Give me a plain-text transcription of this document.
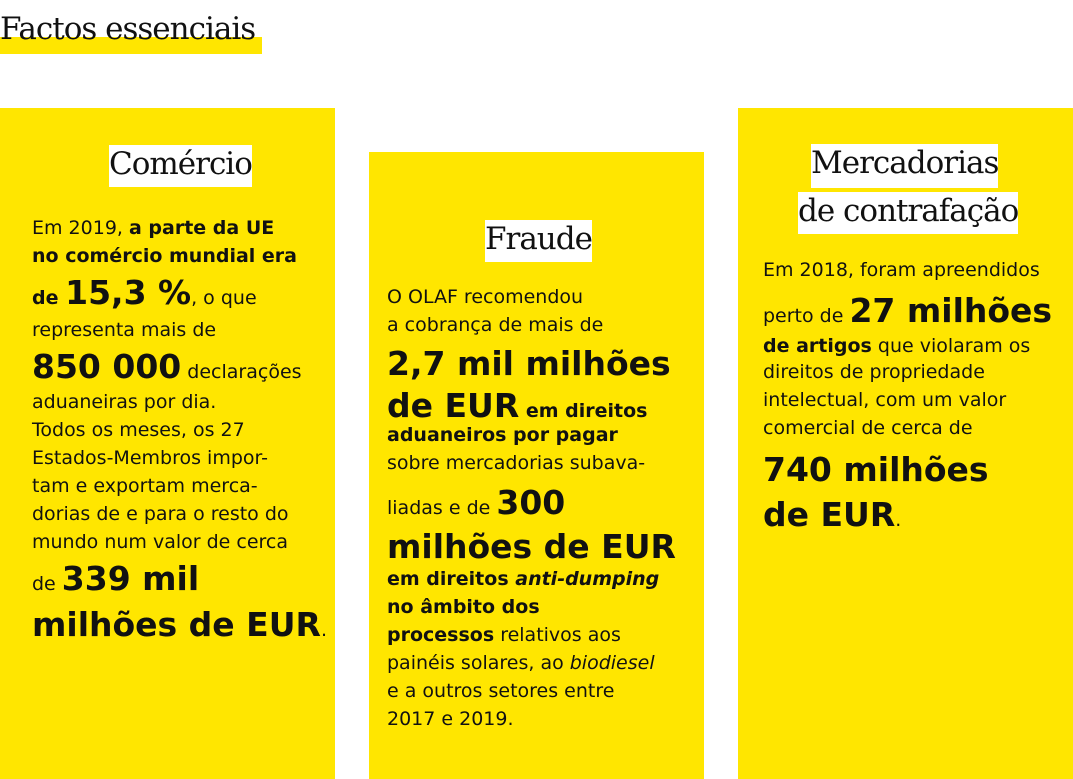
Factos essenciais
Comércio
Em 2019, a parte da UE
no comércio mundial era
de 15,3 %, o que
representa mais de
850 000 declarações
aduaneiras por dia.
Todos os meses, os 27
Estados-Membros impor-
tam e exportam merca-
dorias de e para o resto do
mundo num valor de cerca
de 339 mil
milhões de EUR.
Fraude
O OLAF recomendou
a cobrança de mais de
2,7 mil milhões
de EUR em direitos
aduaneiros por pagar
sobre mercadorias subava-
liadas e de 300
milhões de EUR
em direitos anti-dumping
no âmbito dos
processos relativos aos
painéis solares, ao biodiesel
e a outros setores entre
2017 e 2019.
Mercadorias
de contrafação
Em 2018, foram apreendidos
perto de 27 milhões
de artigos que violaram os
direitos de propriedade
intelectual, com um valor
comercial de cerca de
740 milhões
de EUR.
